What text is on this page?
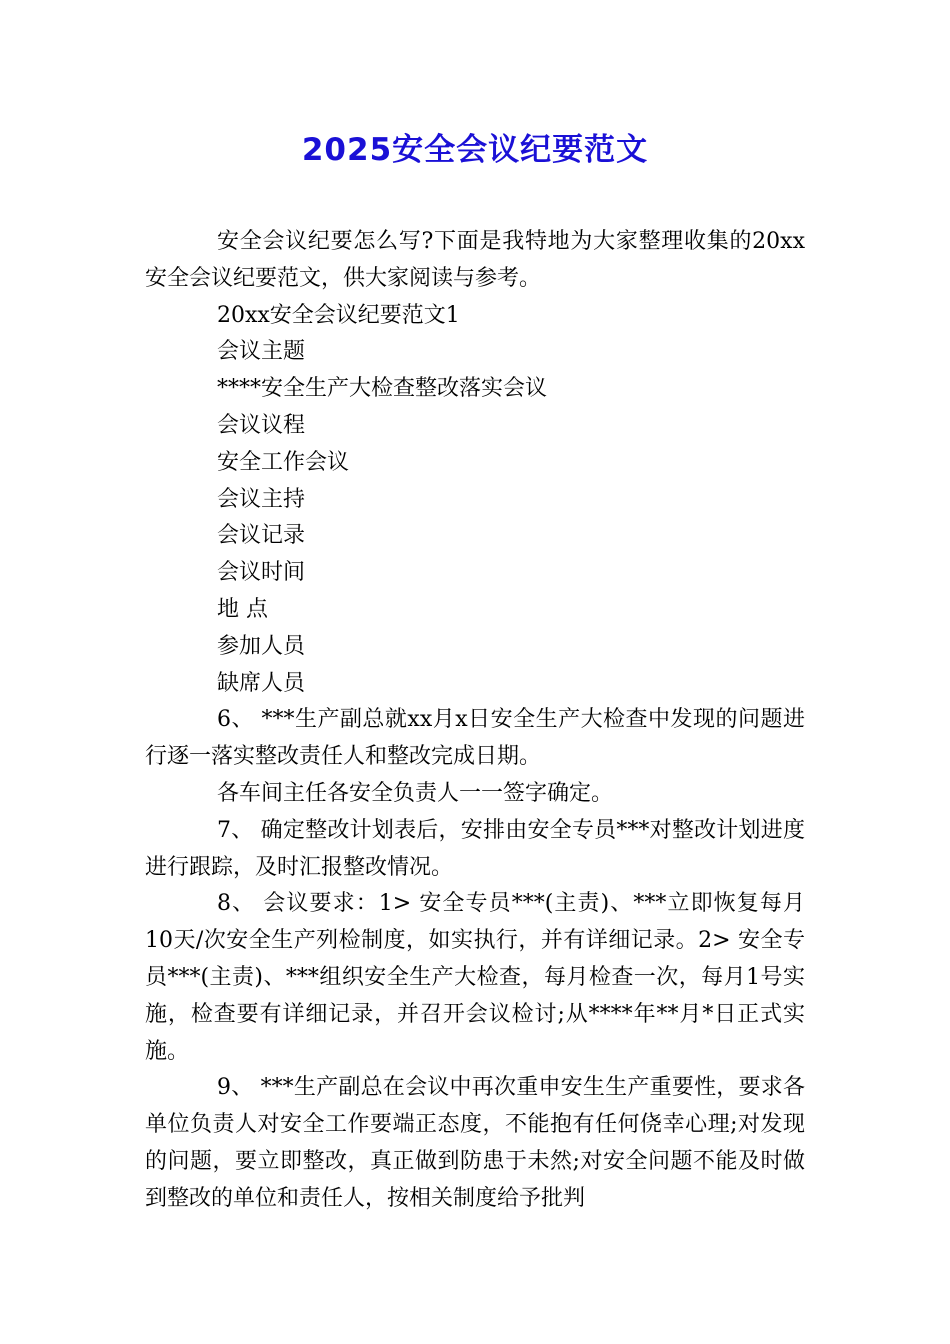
2025安全会议纪要范文

安全会议纪要怎么写?下面是我特地为大家整理收集的20xx安全会议纪要范文，供大家阅读与参考。

20xx安全会议纪要范文1

会议主题

****安全生产大检查整改落实会议

会议议程

安全工作会议

会议主持

会议记录

会议时间

地 点

参加人员

缺席人员

6、 ***生产副总就xx月x日安全生产大检查中发现的问题进行逐一落实整改责任人和整改完成日期。

各车间主任各安全负责人一一签字确定。

7、 确定整改计划表后，安排由安全专员***对整改计划进度进行跟踪，及时汇报整改情况。

8、 会议要求：1> 安全专员***(主责)、***立即恢复每月10天/次安全生产列检制度，如实执行，并有详细记录。2> 安全专员***(主责)、***组织安全生产大检查，每月检查一次，每月1号实施，检查要有详细记录，并召开会议检讨;从****年**月*日正式实施。

9、 ***生产副总在会议中再次重申安生生产重要性，要求各单位负责人对安全工作要端正态度，不能抱有任何侥幸心理;对发现的问题，要立即整改，真正做到防患于未然;对安全问题不能及时做到整改的单位和责任人，按相关制度给予批判
